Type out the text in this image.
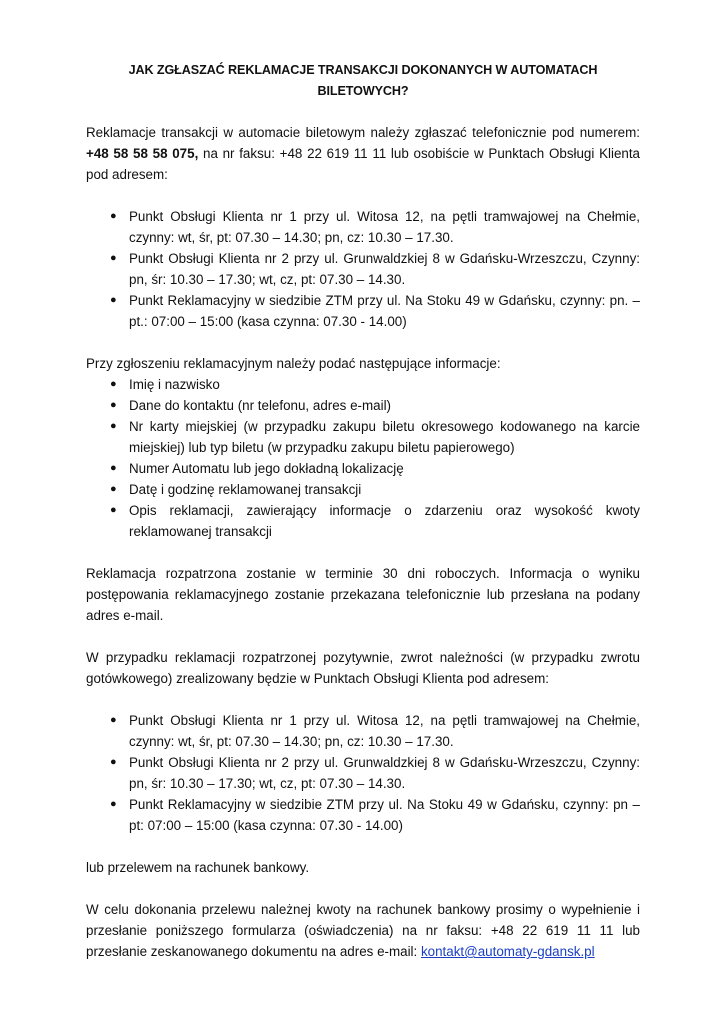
JAK ZGŁASZAĆ REKLAMACJE TRANSAKCJI DOKONANYCH W AUTOMATACH BILETOWYCH?

Reklamacje transakcji w automacie biletowym należy zgłaszać telefonicznie pod numerem: +48 58 58 58 075, na nr faksu: +48 22 619 11 11 lub osobiście w Punktach Obsługi Klienta pod adresem:

● Punkt Obsługi Klienta nr 1 przy ul. Witosa 12, na pętli tramwajowej na Chełmie, czynny: wt, śr, pt: 07.30 – 14.30; pn, cz: 10.30 – 17.30.
● Punkt Obsługi Klienta nr 2 przy ul. Grunwaldzkiej 8 w Gdańsku-Wrzeszczu, Czynny: pn, śr: 10.30 – 17.30; wt, cz, pt: 07.30 – 14.30.
● Punkt Reklamacyjny w siedzibie ZTM przy ul. Na Stoku 49 w Gdańsku, czynny: pn. – pt.: 07:00 – 15:00 (kasa czynna: 07.30 - 14.00)

Przy zgłoszeniu reklamacyjnym należy podać następujące informacje:

● Imię i nazwisko
● Dane do kontaktu (nr telefonu, adres e-mail)
● Nr karty miejskiej (w przypadku zakupu biletu okresowego kodowanego na karcie miejskiej) lub typ biletu (w przypadku zakupu biletu papierowego)
● Numer Automatu lub jego dokładną lokalizację
● Datę i godzinę reklamowanej transakcji
● Opis reklamacji, zawierający informacje o zdarzeniu oraz wysokość kwoty reklamowanej transakcji

Reklamacja rozpatrzona zostanie w terminie 30 dni roboczych. Informacja o wyniku postępowania reklamacyjnego zostanie przekazana telefonicznie lub przesłana na podany adres e-mail.

W przypadku reklamacji rozpatrzonej pozytywnie, zwrot należności (w przypadku zwrotu gotówkowego) zrealizowany będzie w Punktach Obsługi Klienta pod adresem:

● Punkt Obsługi Klienta nr 1 przy ul. Witosa 12, na pętli tramwajowej na Chełmie, czynny: wt, śr, pt: 07.30 – 14.30; pn, cz: 10.30 – 17.30.
● Punkt Obsługi Klienta nr 2 przy ul. Grunwaldzkiej 8 w Gdańsku-Wrzeszczu, Czynny: pn, śr: 10.30 – 17.30; wt, cz, pt: 07.30 – 14.30.
● Punkt Reklamacyjny w siedzibie ZTM przy ul. Na Stoku 49 w Gdańsku, czynny: pn – pt: 07:00 – 15:00 (kasa czynna: 07.30 - 14.00)

lub przelewem na rachunek bankowy.

W celu dokonania przelewu należnej kwoty na rachunek bankowy prosimy o wypełnienie i przesłanie poniższego formularza (oświadczenia) na nr faksu: +48 22 619 11 11 lub przesłanie zeskanowanego dokumentu na adres e-mail: kontakt@automaty-gdansk.pl
